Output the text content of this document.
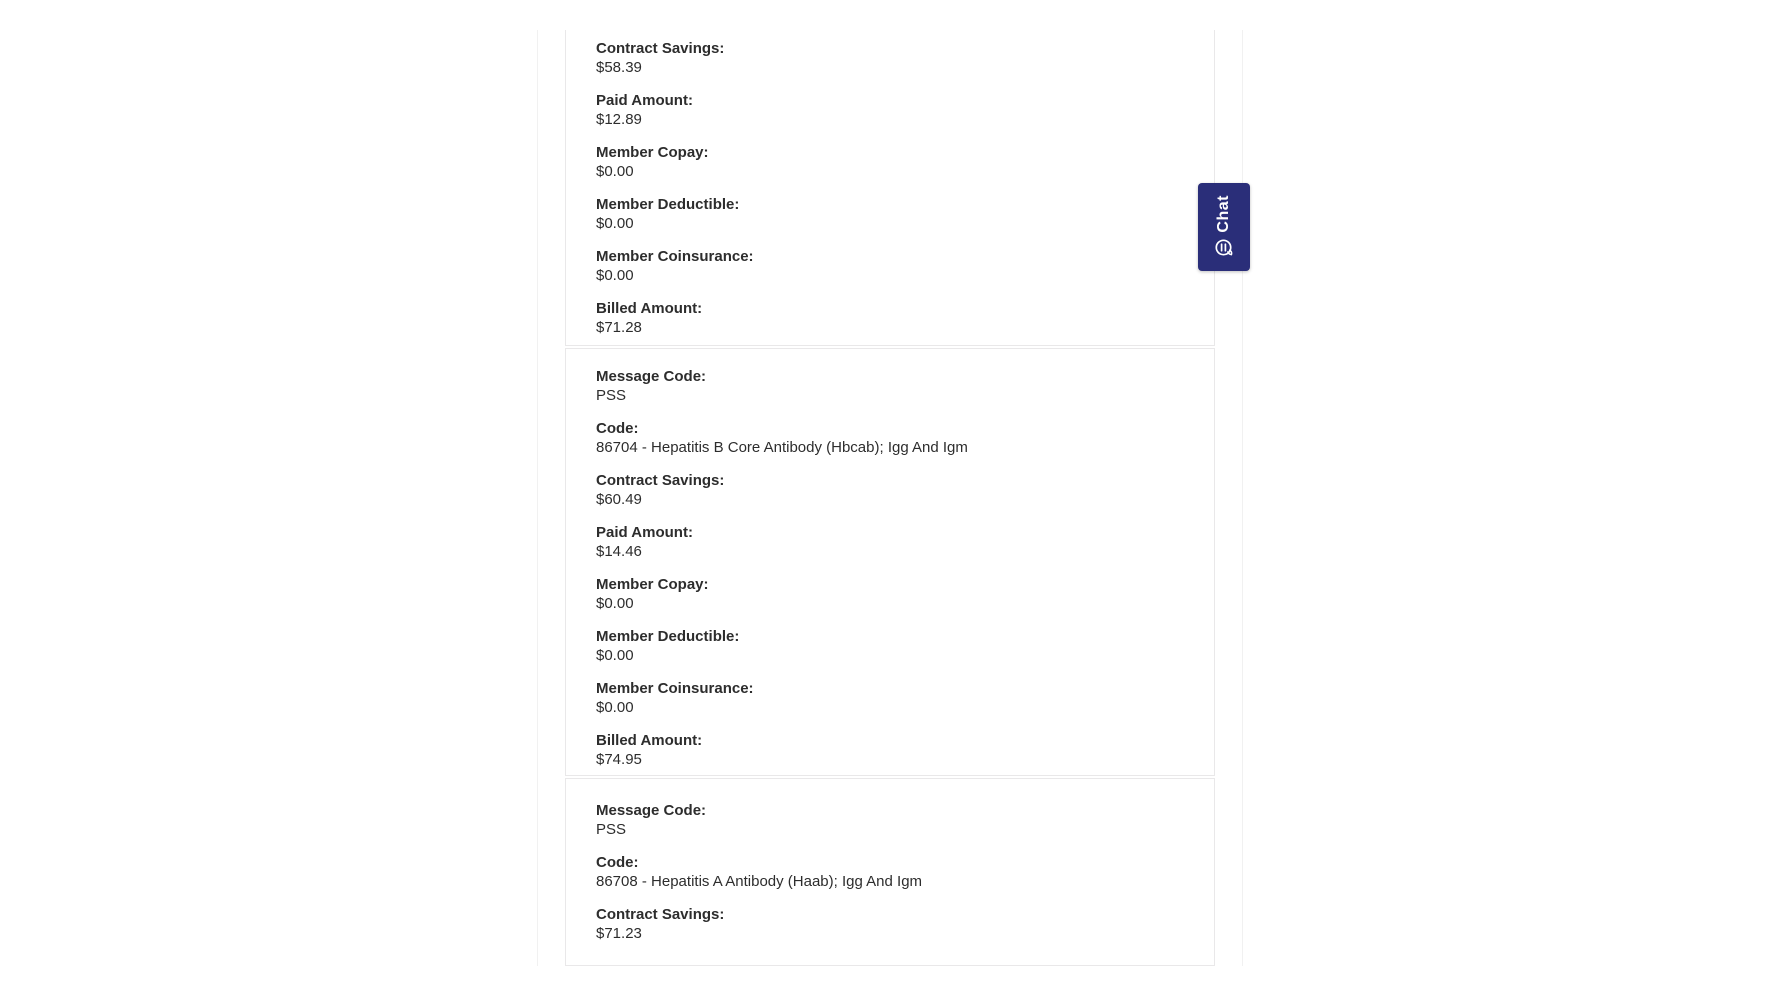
Contract Savings:
$58.39
Paid Amount:
$12.89
Member Copay:
$0.00
Member Deductible:
$0.00
Member Coinsurance:
$0.00
Billed Amount:
$71.28
Message Code:
PSS
Code:
86704 - Hepatitis B Core Antibody (Hbcab); Igg And Igm
Contract Savings:
$60.49
Paid Amount:
$14.46
Member Copay:
$0.00
Member Deductible:
$0.00
Member Coinsurance:
$0.00
Billed Amount:
$74.95
Message Code:
PSS
Code:
86708 - Hepatitis A Antibody (Haab); Igg And Igm
Contract Savings:
$71.23
Chat
